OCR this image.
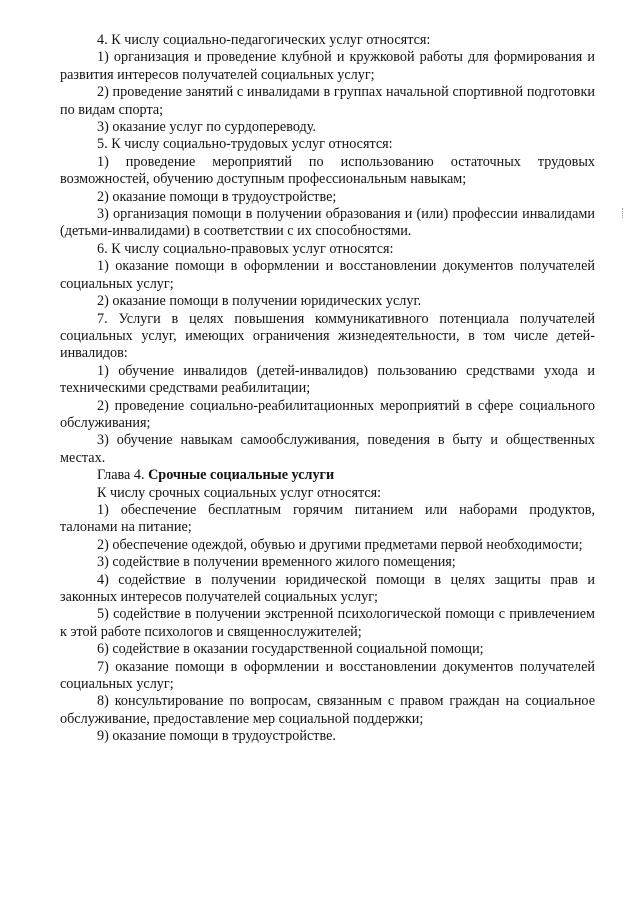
4. К числу социально-педагогических услуг относятся:

1) организация и проведение клубной и кружковой работы для формирования и развития интересов получателей социальных услуг;

2) проведение занятий с инвалидами в группах начальной спортивной подготовки по видам спорта;

3) оказание услуг по сурдопереводу.

5. К числу социально-трудовых услуг относятся:

1) проведение мероприятий по использованию остаточных трудовых возможностей, обучению доступным профессиональным навыкам;

2) оказание помощи в трудоустройстве;

3) организация помощи в получении образования и (или) профессии инвалидами (детьми-инвалидами) в соответствии с их способностями.

6. К числу социально-правовых услуг относятся:

1) оказание помощи в оформлении и восстановлении документов получателей социальных услуг;

2) оказание помощи в получении юридических услуг.

7. Услуги в целях повышения коммуникативного потенциала получателей социальных услуг, имеющих ограничения жизнедеятельности, в том числе детей-инвалидов:

1) обучение инвалидов (детей-инвалидов) пользованию средствами ухода и техническими средствами реабилитации;

2) проведение социально-реабилитационных мероприятий в сфере социального обслуживания;

3) обучение навыкам самообслуживания, поведения в быту и общественных местах.

Глава 4. Срочные социальные услуги

К числу срочных социальных услуг относятся:

1) обеспечение бесплатным горячим питанием или наборами продуктов, талонами на питание;

2) обеспечение одеждой, обувью и другими предметами первой необходимости;

3) содействие в получении временного жилого помещения;

4) содействие в получении юридической помощи в целях защиты прав и законных интересов получателей социальных услуг;

5) содействие в получении экстренной психологической помощи с привлечением к этой работе психологов и священнослужителей;

6) содействие в оказании государственной социальной помощи;

7) оказание помощи в оформлении и восстановлении документов получателей социальных услуг;

8) консультирование по вопросам, связанным с правом граждан на социальное обслуживание, предоставление мер социальной поддержки;

9) оказание помощи в трудоустройстве.
